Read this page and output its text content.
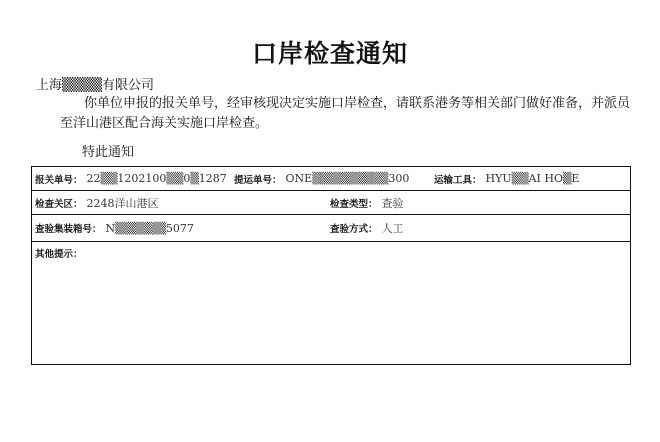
口岸检查通知
上海▒▒▒▒有限公司
你单位申报的报关单号，经审核现决定实施口岸检查，请联系港务等相关部门做好准备，并派员至洋山港区配合海关实施口岸检查。
特此通知
报关单号： 22▒▒1202100▒▒0▒1287 提运单号： ONE▒▒▒▒▒▒▒▒▒300	运输工具： HYU▒▒AI HO▒E
检查关区： 2248洋山港区	检查类型： 查验
查验集装箱号： N▒▒▒▒▒▒5077	查验方式： 人工
其他提示：
